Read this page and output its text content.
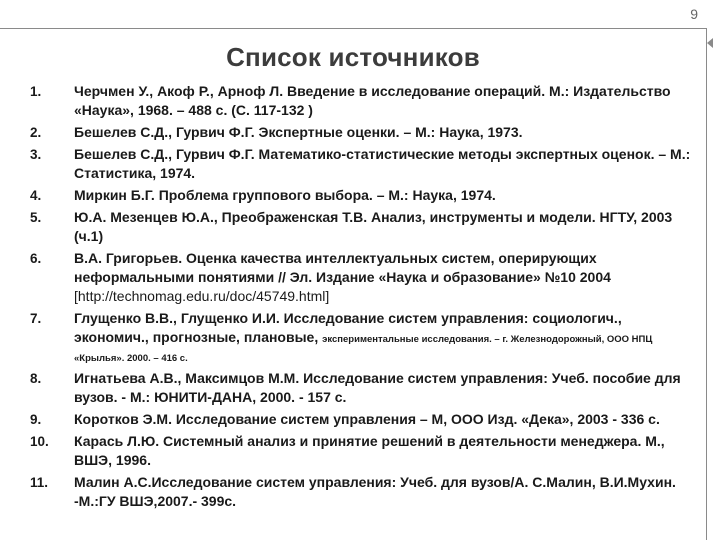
9
Список источников
1.	Черчмен У., Акоф Р., Арноф Л. Введение в исследование операций. М.: Издательство «Наука», 1968. – 488 с. (С. 117-132 )
2.	Бешелев С.Д., Гурвич Ф.Г. Экспертные оценки. – М.: Наука, 1973.
3.	Бешелев С.Д., Гурвич Ф.Г. Математико-статистические методы экспертных оценок. – М.: Статистика, 1974.
4.	Миркин Б.Г. Проблема группового выбора. – М.: Наука, 1974.
5.	Ю.А. Мезенцев Ю.А., Преображенская Т.В. Анализ, инструменты и модели. НГТУ, 2003 (ч.1)
6.	В.А. Григорьев. Оценка качества интеллектуальных систем, оперирующих неформальными понятиями // Эл. Издание «Наука и образование» №10 2004 [http://technomag.edu.ru/doc/45749.html]
7.	Глущенко В.В., Глущенко И.И. Исследование систем управления: социологич., экономич., прогнозные, плановые, экспериментальные исследования. – г. Железнодорожный, ООО НПЦ «Крылья». 2000. – 416 с.
8.	Игнатьева А.В., Максимцов М.М. Исследование систем управления: Учеб. пособие для вузов. - М.: ЮНИТИ-ДАНА, 2000. - 157 с.
9.	Коротков Э.М. Исследование систем управления – М, ООО Изд. «Дека», 2003 - 336 с.
10.	Карась Л.Ю. Системный анализ и принятие решений в деятельности менеджера. М., ВШЭ, 1996.
11.	Малин А.С.Исследование систем управления: Учеб. для вузов/А. С.Малин, В.И.Мухин. -М.:ГУ ВШЭ,2007.- 399с.
